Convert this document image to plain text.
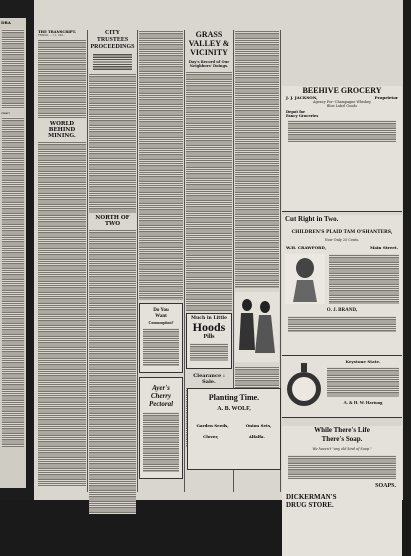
DRA
cleari
THE TRANSCRIPT.
FRIDAY, ... 11, 190...
WORLD BEHIND MINING.
CITY TRUSTEES PROCEEDINGS
NORTH OF TWO
Do You
Want
Consumption?
Ayer's
Cherry
Pectoral
GRASS VALLEY & VICINITY
Day's Record of Our Neighbors' Doings.
Much in Little
Hoods
Pills
Clearance : Sale.
Planting Time.
A. B. WOLF,
Garden Seeds,	Onion Sets,
Clover,	Alfalfa.
BEEHIVE GROCERY
J. J. JACKSON,	Proprietor
Agency For--Champagne Whiskey
Blue Label Goods
Depot for
Fancy Groceries
Cut Right in Two.
CHILDREN'S PLAID TAM O'SHANTERS,
Now Only 25 Cents.
W.H. CRAWFORD,	Main Street.
O. J. BRAND,
Keystone State.
A. & H. W. Hartung
While There's Life
There's Soap.
We haven't "any old kind of Soap."
SOAPS.
DICKERMAN'S
DRUG STORE.
